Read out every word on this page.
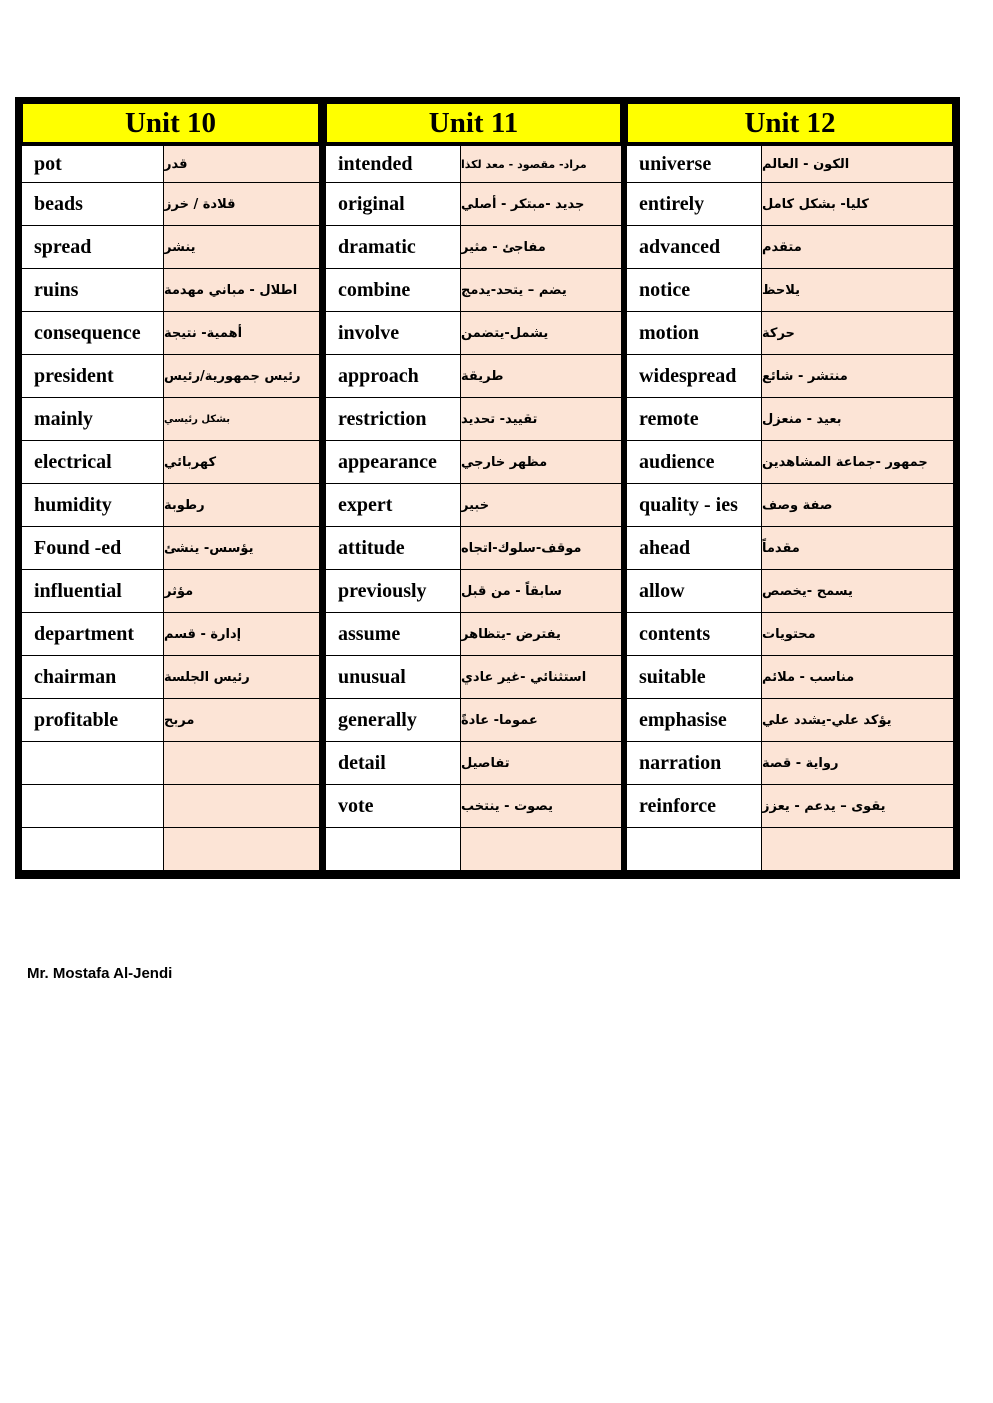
Unit 10
pot	قدر
beads	قلادة / خرز
spread	ينشر
ruins	اطلال - مباني مهدمة
consequence	أهمية- نتيجة
president	رئيس جمهورية/رئيس
mainly	بشكل رئيسي
electrical	كهربائي
humidity	رطوبة
Found -ed	يؤسس- ينشئ
influential	مؤثر
department	إدارة - قسم
chairman	رئيس الجلسة
profitable	مربح
Unit 11
intended	مراد- مقصود - معد لكذا
original	جديد -مبتكر - أصلي
dramatic	مفاجئ - مثير
combine	يضم – يتحد-يدمج
involve	يشمل-يتضمن
approach	طريقة
restriction	تقييد- تحديد
appearance	مظهر خارجي
expert	خبير
attitude	موقف-سلوك-اتجاه
previously	سابقاً - من قبل
assume	يفترض -يتظاهر
unusual	استثنائي -غير عادي
generally	عموما- عادةً
detail	تفاصيل
vote	يصوت - ينتخب
Unit 12
universe	الكون - العالم
entirely	كليا- بشكل كامل
advanced	متقدم
notice	يلاحظ
motion	حركة
widespread	منتشر - شائع
remote	بعيد - منعزل
audience	جمهور -جماعة المشاهدين
quality - ies	صفة وصف
ahead	مقدماً
allow	يسمح -يخصص
contents	محتويات
suitable	مناسب - ملائم
emphasise	يؤكد علي-يشدد علي
narration	رواية - قصة
reinforce	يقوى – يدعم - يعزز
Mr. Mostafa Al-Jendi
